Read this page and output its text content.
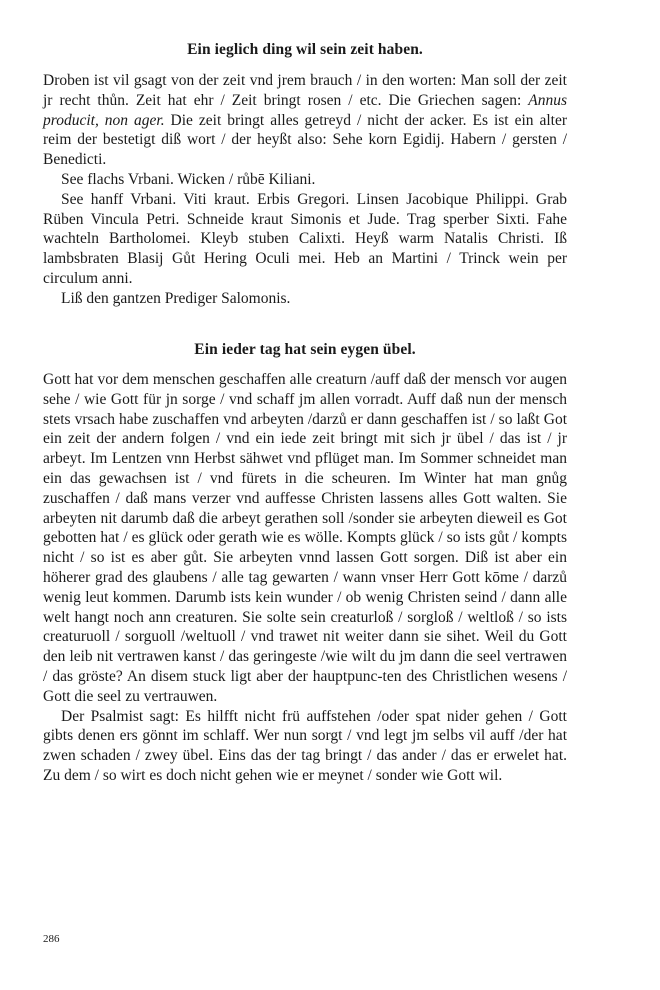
Ein ieglich ding wil sein zeit haben.

Droben ist vil gsagt von der zeit vnd jrem brauch / in den worten: Man soll der zeit jr recht thůn. Zeit hat ehr / Zeit bringt rosen / etc. Die Griechen sagen: Annus producit, non ager. Die zeit bringt alles getreyd / nicht der acker. Es ist ein alter reim der bestetigt diß wort / der heyßt also: Sehe korn Egidij. Habern / gersten / Benedicti.

See flachs Vrbani. Wicken / růbē Kiliani.

See hanff Vrbani. Viti kraut. Erbis Gregori. Linsen Jacobique Philippi. Grab Rüben Vincula Petri. Schneide kraut Simonis et Jude. Trag sperber Sixti. Fahe wachteln Bartholomei. Kleyb stuben Calixti. Heyß warm Natalis Christi. Iß lambsbraten Blasij Gůt Hering Oculi mei. Heb an Martini / Trinck wein per circulum anni.

Liß den gantzen Prediger Salomonis.

Ein ieder tag hat sein eygen übel.

Gott hat vor dem menschen geschaffen alle creaturn /auff daß der mensch vor augen sehe / wie Gott für jn sorge / vnd schaff jm allen vorradt. Auff daß nun der mensch stets vrsach habe zuschaffen vnd arbeyten /darzů er dann geschaffen ist / so laßt Got ein zeit der andern folgen / vnd ein iede zeit bringt mit sich jr übel / das ist / jr arbeyt. Im Lentzen vnn Herbst sähwet vnd pflüget man. Im Sommer schneidet man ein das gewachsen ist / vnd fürets in die scheuren. Im Winter hat man gnůg zuschaffen / daß mans verzer vnd auffesse Christen lassens alles Gott walten. Sie arbeyten nit darumb daß die arbeyt gerathen soll /sonder sie arbeyten dieweil es Got gebotten hat / es glück oder gerath wie es wölle. Kompts glück / so ists gůt / kompts nicht / so ist es aber gůt. Sie arbeyten vnnd lassen Gott sorgen. Diß ist aber ein höherer grad des glaubens / alle tag gewarten / wann vnser Herr Gott kōme / darzů wenig leut kommen. Darumb ists kein wunder / ob wenig Christen seind / dann alle welt hangt noch ann creaturen. Sie solte sein creaturloß / sorgloß / weltloß / so ists creaturuoll / sorguoll /weltuoll / vnd trawet nit weiter dann sie sihet. Weil du Gott den leib nit vertrawen kanst / das geringeste /wie wilt du jm dann die seel vertrawen / das gröste? An disem stuck ligt aber der hauptpunc-ten des Christlichen wesens / Gott die seel zu vertrauwen.

Der Psalmist sagt: Es hilfft nicht frü auffstehen /oder spat nider gehen / Gott gibts denen ers gönnt im schlaff. Wer nun sorgt / vnd legt jm selbs vil auff /der hat zwen schaden / zwey übel. Eins das der tag bringt / das ander / das er erwelet hat. Zu dem / so wirt es doch nicht gehen wie er meynet / sonder wie Gott wil.

286
